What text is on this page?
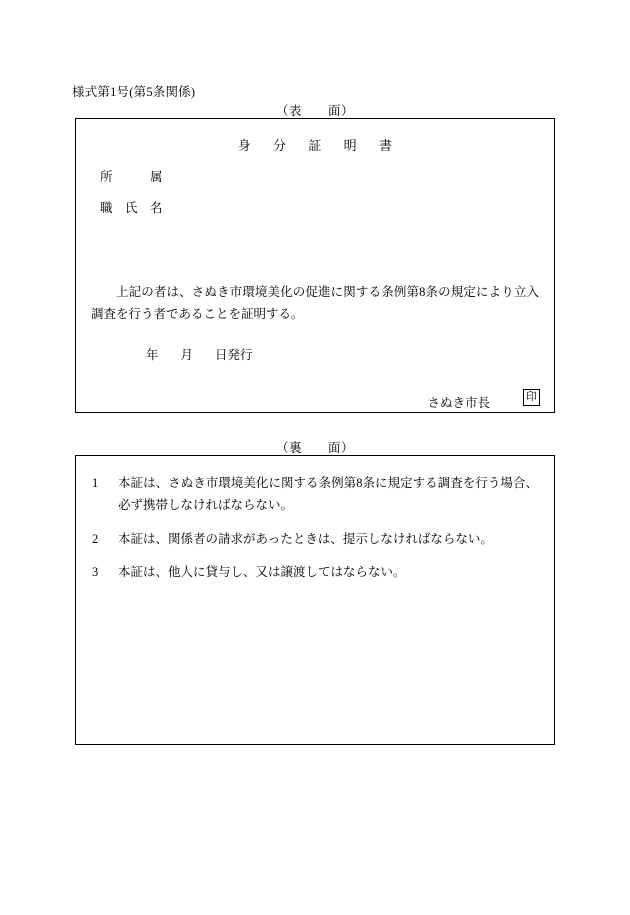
様式第1号(第5条関係)
（表　　面）
身 分 証 明 書
所　　　属
職　氏　名
上記の者は、さぬき市環境美化の促進に関する条例第8条の規定により立入調査を行う者であることを証明する。
年 月 日発行
さぬき市長	印
（裏　　面）
1	本証は、さぬき市環境美化に関する条例第8条に規定する調査を行う場合、必ず携帯しなければならない。
2	本証は、関係者の請求があったときは、提示しなければならない。
3	本証は、他人に貸与し、又は譲渡してはならない。
